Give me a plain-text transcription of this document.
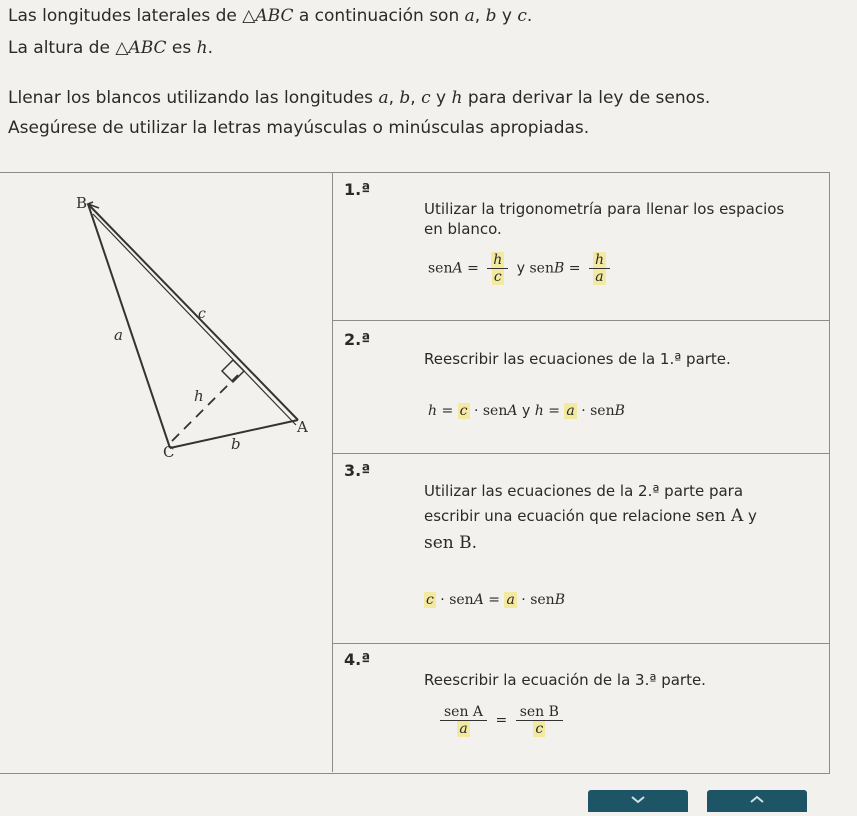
Las longitudes laterales de △ABC a continuación son a, b y c.
La altura de △ABC es h.
Llenar los blancos utilizando las longitudes a, b, c y h para derivar la ley de senos.
Asegúrese de utilizar la letras mayúsculas o minúsculas apropiadas.
B
C
A
a
b
c
h
1.ª
Utilizar la trigonometría para llenar los espacios
en blanco.
senA = $\frac{h}{c}$ y senB = $\frac{h}{a}$
2.ª
Reescribir las ecuaciones de la 1.ª parte.
h = c · senA y h = a · senB
3.ª
Utilizar las ecuaciones de la 2.ª parte para
escribir una ecuación que relacione sen A y
sen B.
c · senA = a · senB
4.ª
Reescribir la ecuación de la 3.ª parte.
$\frac{\text{sen A}}{a} = \frac{\text{sen B}}{c}$
